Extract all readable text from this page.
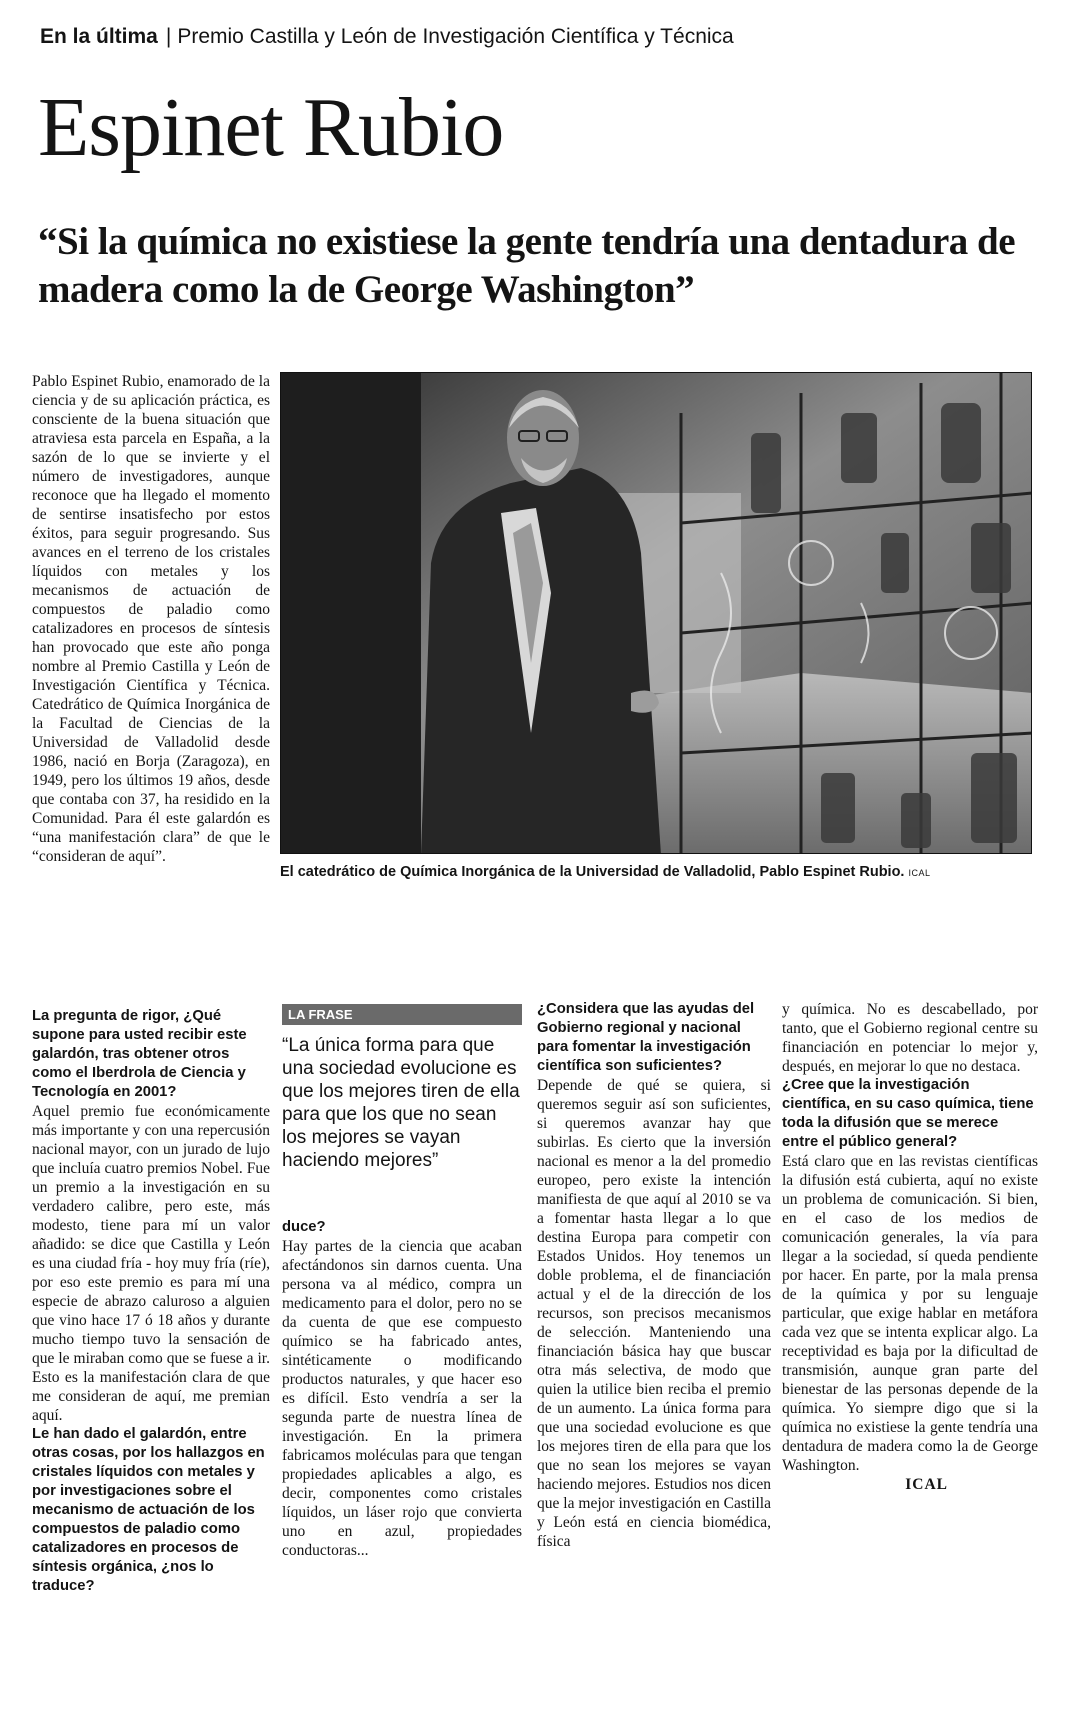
En la última | Premio Castilla y León de Investigación Científica y Técnica
Espinet Rubio
“Si la química no existiese la gente tendría una dentadura de madera como la de George Washington”

Pablo Espinet Rubio, enamorado de la ciencia y de su aplicación práctica, es consciente de la buena situación que atraviesa esta parcela en España, a la sazón de lo que se invierte y el número de investigadores, aunque reconoce que ha llegado el momento de sentirse insatisfecho por estos éxitos, para seguir progresando. Sus avances en el terreno de los cristales líquidos con metales y los mecanismos de actuación de compuestos de paladio como catalizadores en procesos de síntesis han provocado que este año ponga nombre al Premio Castilla y León de Investigación Científica y Técnica. Catedrático de Química Inorgánica de la Facultad de Ciencias de la Universidad de Valladolid desde 1986, nació en Borja (Zaragoza), en 1949, pero los últimos 19 años, desde que contaba con 37, ha residido en la Comunidad. Para él este galardón es “una manifestación clara” de que le “consideran de aquí”.

El catedrático de Química Inorgánica de la Universidad de Valladolid, Pablo Espinet Rubio. ICAL

La pregunta de rigor, ¿Qué supone para usted recibir este galardón, tras obtener otros como el Iberdrola de Ciencia y Tecnología en 2001?

Aquel premio fue económicamente más importante y con una repercusión nacional mayor, con un jurado de lujo que incluía cuatro premios Nobel. Fue un premio a la investigación en su verdadero calibre, pero este, más modesto, tiene para mí un valor añadido: se dice que Castilla y León es una ciudad fría - hoy muy fría (ríe), por eso este premio es para mí una especie de abrazo caluroso a alguien que vino hace 17 ó 18 años y durante mucho tiempo tuvo la sensación de que le miraban como que se fuese a ir. Esto es la manifestación clara de que me consideran de aquí, me premian aquí.

Le han dado el galardón, entre otras cosas, por los hallazgos en cristales líquidos con metales y por investigaciones sobre el mecanismo de actuación de los compuestos de paladio como catalizadores en procesos de síntesis orgánica, ¿nos lo traduce?

LA FRASE
“La única forma para que una sociedad evolucione es que los mejores tiren de ella para que los que no sean los mejores se vayan haciendo mejores”

duce?

Hay partes de la ciencia que acaban afectándonos sin darnos cuenta. Una persona va al médico, compra un medicamento para el dolor, pero no se da cuenta de que ese compuesto químico se ha fabricado antes, sintéticamente o modificando productos naturales, y que hacer eso es difícil. Esto vendría a ser la segunda parte de nuestra línea de investigación. En la primera fabricamos moléculas para que tengan propiedades aplicables a algo, es decir, componentes como cristales líquidos, un láser rojo que convierta uno en azul, propiedades conductoras...

¿Considera que las ayudas del Gobierno regional y nacional para fomentar la investigación científica son suficientes?

Depende de qué se quiera, si queremos seguir así son suficientes, si queremos avanzar hay que subirlas. Es cierto que la inversión nacional es menor a la del promedio europeo, pero existe la intención manifiesta de que aquí al 2010 se va a fomentar hasta llegar a lo que destina Europa para competir con Estados Unidos. Hoy tenemos un doble problema, el de financiación actual y el de la dirección de los recursos, son precisos mecanismos de selección. Manteniendo una financiación básica hay que buscar otra más selectiva, de modo que quien la utilice bien reciba el premio de un aumento. La única forma para que una sociedad evolucione es que los mejores tiren de ella para que los que no sean los mejores se vayan haciendo mejores. Estudios nos dicen que la mejor investigación en Castilla y León está en ciencia biomédica, física

y química. No es descabellado, por tanto, que el Gobierno regional centre su financiación en potenciar lo mejor y, después, en mejorar lo que no destaca.

¿Cree que la investigación científica, en su caso química, tiene toda la difusión que se merece entre el público general?

Está claro que en las revistas científicas la difusión está cubierta, aquí no existe un problema de comunicación. Si bien, en el caso de los medios de comunicación generales, la vía para llegar a la sociedad, sí queda pendiente por hacer. En parte, por la mala prensa de la química y por su lenguaje particular, que exige hablar en metáfora cada vez que se intenta explicar algo. La receptividad es baja por la dificultad de transmisión, aunque gran parte del bienestar de las personas depende de la química. Yo siempre digo que si la química no existiese la gente tendría una dentadura de madera como la de George Washington.

ICAL
